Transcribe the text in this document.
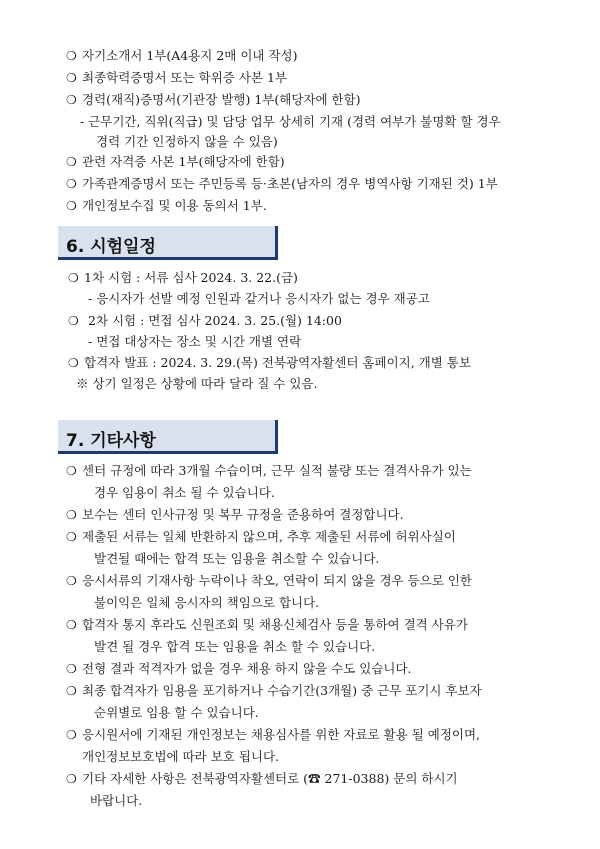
❍ 자기소개서 1부(A4용지 2매 이내 작성)
❍ 최종학력증명서 또는 학위증 사본 1부
❍ 경력(재직)증명서(기관장 발행) 1부(해당자에 한함)
- 근무기간, 직위(직급) 및 담당 업무 상세히 기재 (경력 여부가 불명확 할 경우
경력 기간 인정하지 않을 수 있음)
❍ 관련 자격증 사본 1부(해당자에 한함)
❍ 가족관계증명서 또는 주민등록 등·초본(남자의 경우 병역사항 기재된 것) 1부
❍ 개인정보수집 및 이용 동의서 1부.
6. 시험일정
❍ 1차 시험 : 서류 심사 2024. 3. 22.(금)
- 응시자가 선발 예정 인원과 같거나 응시자가 없는 경우 재공고
❍ 2차 시험 : 면접 심사 2024. 3. 25.(월) 14:00
- 면접 대상자는 장소 및 시간 개별 연락
❍ 합격자 발표 : 2024. 3. 29.(목) 전북광역자활센터 홈페이지, 개별 통보
※ 상기 일정은 상황에 따라 달라 질 수 있음.
7. 기타사항
❍ 센터 규정에 따라 3개월 수습이며, 근무 실적 불량 또는 결격사유가 있는
경우 임용이 취소 될 수 있습니다.
❍ 보수는 센터 인사규정 및 복무 규정을 준용하여 결정합니다.
❍ 제출된 서류는 일체 반환하지 않으며, 추후 제출된 서류에 허위사실이
발견될 때에는 합격 또는 임용을 취소할 수 있습니다.
❍ 응시서류의 기재사항 누락이나 착오, 연락이 되지 않을 경우 등으로 인한
불이익은 일체 응시자의 책임으로 합니다.
❍ 합격자 통지 후라도 신원조회 및 채용신체검사 등을 통하여 결격 사유가
발견 될 경우 합격 또는 임용을 취소 할 수 있습니다.
❍ 전형 결과 적격자가 없을 경우 채용 하지 않을 수도 있습니다.
❍ 최종 합격자가 임용을 포기하거나 수습기간(3개월) 중 근무 포기시 후보자
순위별로 임용 할 수 있습니다.
❍ 응시원서에 기재된 개인정보는 채용심사를 위한 자료로 활용 될 예정이며,
개인정보보호법에 따라 보호 됩니다.
❍ 기타 자세한 사항은 전북광역자활센터로 (☎ 271-0388) 문의 하시기
바랍니다.
